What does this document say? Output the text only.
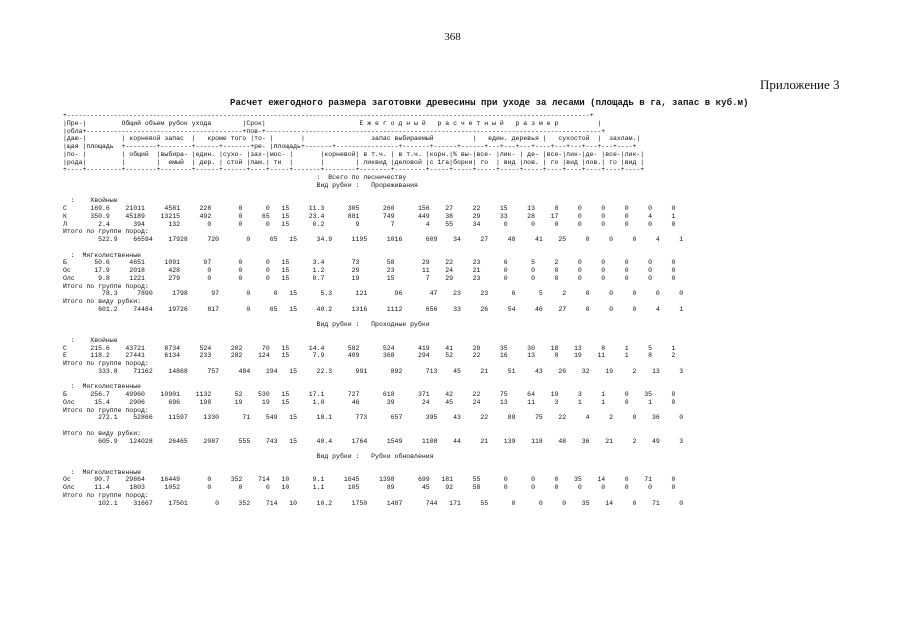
368
Приложение 3
Расчет ежегодного размера заготовки древесины при уходе за лесами (площадь в га, запас в куб.м)
+--------------------------------------------------------------------------------------------------------------------------------------+
|Пре-|         Общий объем рубок ухода        |Срок|                        Е ж е г о д н ы й   р а с ч е т н ы й   р а з м е р          |
|обла+----------------------------------------+пов-+--------------------------------------------------------------------------------------+
|даю-|         | корневой запас  |   кроме того |то- |       |                 запас выбираемый          |   един. деревья |   сухостой  |  захлам.|
|щая |площадь  +--------+--------+------+-------+ре- |площадь+-------+----------------+-------+------+------+---+---+---+----+---+---+---+---+----+
|по- |         | общий  |выбира- |един. |сухо- |зах-|мос- |       |корневой| в т.ч. | в т.ч. |корн.|% вы-|все- |лик- | де- |все-|лик-|де- |все-|лик-|
|рода|         |        |  емый  | дер. | стой |лам.| ти  |       |        | ликвид |деловой |с 1га|борки| го  | вид |лов. | го |вид |лов.| го |вид |
+----+---------+--------+--------+------+------+----+-----+-------+--------+--------+--------+-----+-----+-----+-----+-----+----+----+----+----+----+
:  Всего по лесничеству
Вид рубки :   Прореживания

:    Хвойные
С      169.6    21011     4581     228       0      0   15     11.3      305      260      156    27     22     15     13     8     0     0     0     0     0
К      350.9    45189    13215     492       0     65   15     23.4      881      749      449    38     29     33     28    17     0     0     0     4     1
Л        2.4      394      132       0       0      0   15      0.2        9        7        4    55     34      0      0     0     0     0     0     0     0
Итого по группе пород:
522.9    66594    17928     720       0     65   15     34.9     1195     1016      609    34     27     48     41    25     0     0     0     4     1

:  Мягколиственные
Б       50.6     4651     1091      97       0      0   15      3.4       73       58       29    22     23      6      5     2     0     0     0     0     0
Ос      17.9     2018      428       0       0      0   15      1.2       29       23       11    24     21      0      0     0     0     0     0     0     0
Олс      9.8     1221      279       0       0      0   15      0.7       19       15        7    29     23      0      0     0     0     0     0     0     0
Итого по группе пород:
78.3     7890     1798      97       0      0   15      5.3      121       96       47    23     23      6      5     2     0     0     0     0     0
Итого по виду рубки:
601.2    74484    19726     817       0     65   15     40.2     1316     1112      656    33     26     54     46    27     0     0     0     4     1

Вид рубки :   Проходные рубки

:    Хвойные
С      215.6    43721     8734     524     202     70   15     14.4      582      524      419    41     20     35     30    18    13     8     1     5     1
Е      118.2    27441     6134     233     282    124   15      7.9      409      368      294    52     22     16     13     8    19    11     1     8     2
Итого по группе пород:
333.8    71162    14868     757     484    194   15     22.3      991      892      713    45     21     51     43    26    32    19     2    13     3

:  Мягколиственные
Б      256.7    49960    10901    1132      52    530   15     17.1      727      618      371    42     22     75     64    19     3     1     0    35     0
Олс     15.4     2906      696     198      19     19   15      1.0       46       39       24    45     24     13     11     3     1     1     0     1     0
Итого по группе пород:
272.1    52866    11597    1330      71    549   15     18.1      773      657      395    43     22     88     75    22     4     2     0    36     0

Итого по виду рубки:
605.9   124028    26465    2087     555    743   15     40.4     1764     1549     1108    44     21    139    118    48    36    21     2    49     3

Вид рубки :   Рубки обновления

:  Мягколиственные
Ос      90.7    29864    16449       0     352    714   10      9.1     1645     1398      699   181     55      0      0     0    35    14     0    71     0
Олс     11.4     1803     1052       0       0      0   10      1.1      105       89       45    92     58      0      0     0     0     0     0     0     0
Итого по группе пород:
102.1    31667    17501       0     352    714   10     10.2     1750     1487      744   171     55      0      0     0    35    14     0    71     0
